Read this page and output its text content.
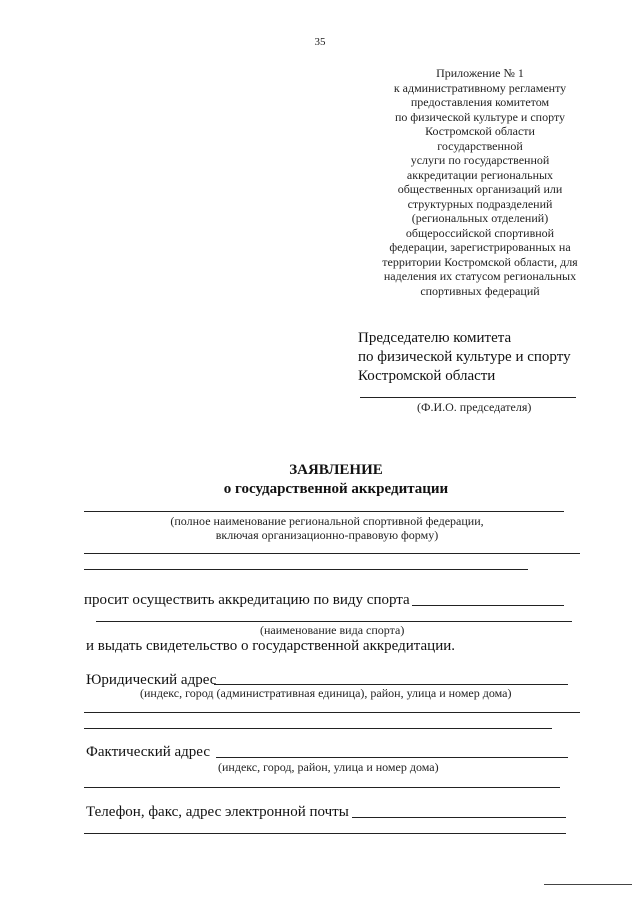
35
Приложение № 1
к административному регламенту
предоставления комитетом
по физической культуре и спорту
Костромской области
государственной
услуги по государственной
аккредитации региональных
общественных организаций или
структурных подразделений
(региональных отделений)
общероссийской спортивной
федерации, зарегистрированных на
территории Костромской области, для
наделения их статусом региональных
спортивных федераций
Председателю комитета
по физической культуре и спорту
Костромской области
(Ф.И.О. председателя)
ЗАЯВЛЕНИЕ
о государственной аккредитации
(полное наименование региональной спортивной федерации,
включая организационно-правовую форму)
просит осуществить аккредитацию по виду спорта
(наименование вида спорта)
и выдать свидетельство о государственной аккредитации.
Юридический адрес
(индекс, город (административная единица), район, улица и номер дома)
Фактический адрес
(индекс, город, район, улица и номер дома)
Телефон, факс, адрес электронной почты
